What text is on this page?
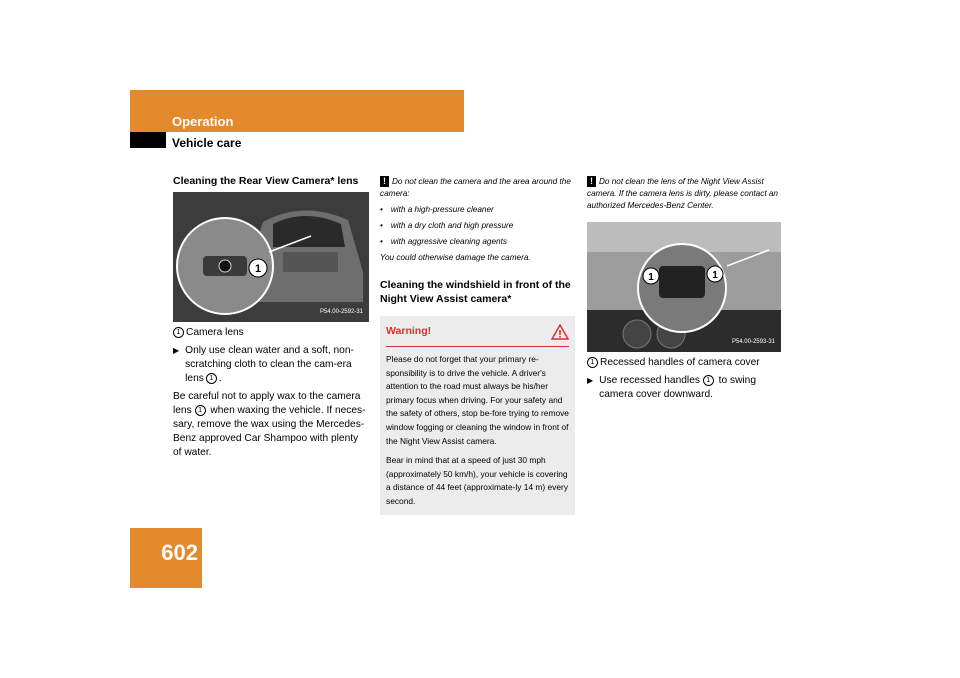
Operation
Vehicle care
602
Cleaning the Rear View Camera* lens
1
P54.00-2592-31
1 Camera lens
▶ Only use clean water and a soft, non-scratching cloth to clean the cam-era lens 1 .
Be careful not to apply wax to the camera lens 1 when waxing the vehicle. If neces-sary, remove the wax using the Mercedes-Benz approved Car Shampoo with plenty of water.
! Do not clean the camera and the area around the camera:
• with a high-pressure cleaner
• with a dry cloth and high pressure
• with aggressive cleaning agents
You could otherwise damage the camera.
Cleaning the windshield in front of the Night View Assist camera*
Warning!
Please do not forget that your primary re-sponsibility is to drive the vehicle. A driver's attention to the road must always be his/her primary focus when driving. For your safety and the safety of others, stop be-fore trying to remove window fogging or cleaning the window in front of the Night View Assist camera.
Bear in mind that at a speed of just 30 mph (approximately 50 km/h), your vehicle is covering a distance of 44 feet (approximate-ly 14 m) every second.
! Do not clean the lens of the Night View Assist camera. If the camera lens is dirty, please contact an authorized Mercedes-Benz Center.
1	1
P54.00-2593-31
1 Recessed handles of camera cover
▶ Use recessed handles 1 to swing camera cover downward.
